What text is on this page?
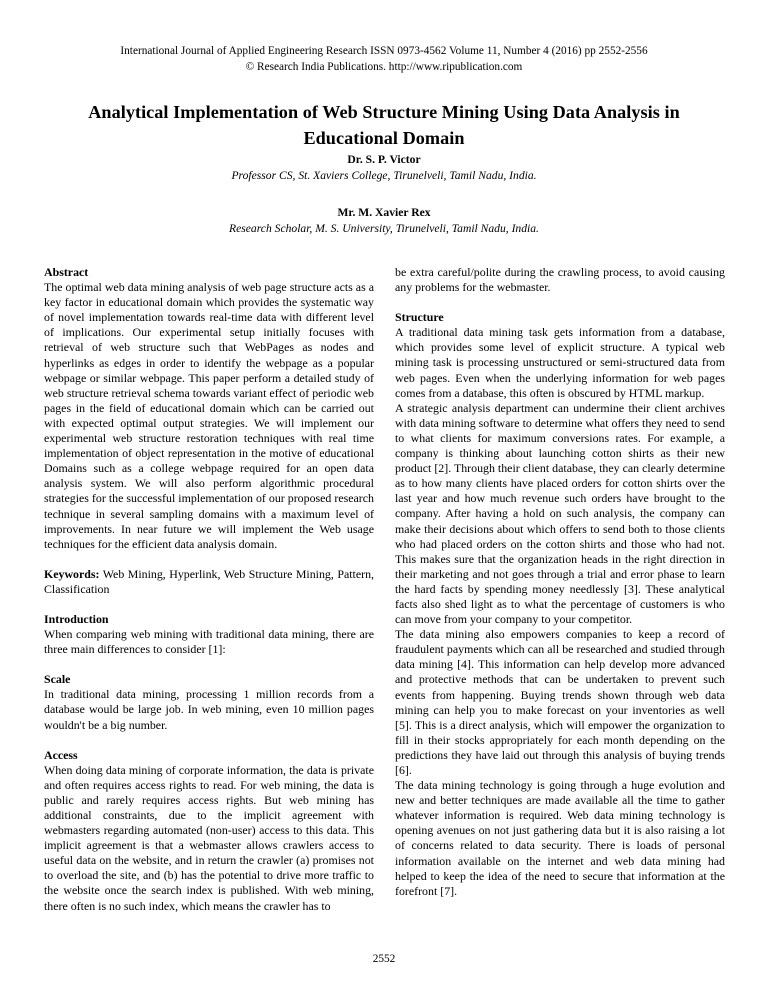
International Journal of Applied Engineering Research ISSN 0973-4562 Volume 11, Number 4 (2016) pp 2552-2556
© Research India Publications. http://www.ripublication.com
Analytical Implementation of Web Structure Mining Using Data Analysis in Educational Domain
Dr. S. P. Victor
Professor CS, St. Xaviers College, Tirunelveli, Tamil Nadu, India.
Mr. M. Xavier Rex
Research Scholar, M. S. University, Tirunelveli, Tamil Nadu, India.
Abstract

The optimal web data mining analysis of web page structure acts as a key factor in educational domain which provides the systematic way of novel implementation towards real-time data with different level of implications. Our experimental setup initially focuses with retrieval of web structure such that WebPages as nodes and hyperlinks as edges in order to identify the webpage as a popular webpage or similar webpage. This paper perform a detailed study of web structure retrieval schema towards variant effect of periodic web pages in the field of educational domain which can be carried out with expected optimal output strategies. We will implement our experimental web structure restoration techniques with real time implementation of object representation in the motive of educational Domains such as a college webpage required for an open data analysis system. We will also perform algorithmic procedural strategies for the successful implementation of our proposed research technique in several sampling domains with a maximum level of improvements. In near future we will implement the Web usage techniques for the efficient data analysis domain.

Keywords: Web Mining, Hyperlink, Web Structure Mining, Pattern, Classification

Introduction

When comparing web mining with traditional data mining, there are three main differences to consider [1]:

Scale

In traditional data mining, processing 1 million records from a database would be large job. In web mining, even 10 million pages wouldn't be a big number.

Access

When doing data mining of corporate information, the data is private and often requires access rights to read. For web mining, the data is public and rarely requires access rights. But web mining has additional constraints, due to the implicit agreement with webmasters regarding automated (non-user) access to this data. This implicit agreement is that a webmaster allows crawlers access to useful data on the website, and in return the crawler (a) promises not to overload the site, and (b) has the potential to drive more traffic to the website once the search index is published. With web mining, there often is no such index, which means the crawler has to

be extra careful/polite during the crawling process, to avoid causing any problems for the webmaster.

Structure

A traditional data mining task gets information from a database, which provides some level of explicit structure. A typical web mining task is processing unstructured or semi-structured data from web pages. Even when the underlying information for web pages comes from a database, this often is obscured by HTML markup.

A strategic analysis department can undermine their client archives with data mining software to determine what offers they need to send to what clients for maximum conversions rates. For example, a company is thinking about launching cotton shirts as their new product [2]. Through their client database, they can clearly determine as to how many clients have placed orders for cotton shirts over the last year and how much revenue such orders have brought to the company. After having a hold on such analysis, the company can make their decisions about which offers to send both to those clients who had placed orders on the cotton shirts and those who had not. This makes sure that the organization heads in the right direction in their marketing and not goes through a trial and error phase to learn the hard facts by spending money needlessly [3]. These analytical facts also shed light as to what the percentage of customers is who can move from your company to your competitor.

The data mining also empowers companies to keep a record of fraudulent payments which can all be researched and studied through data mining [4]. This information can help develop more advanced and protective methods that can be undertaken to prevent such events from happening. Buying trends shown through web data mining can help you to make forecast on your inventories as well [5]. This is a direct analysis, which will empower the organization to fill in their stocks appropriately for each month depending on the predictions they have laid out through this analysis of buying trends [6].

The data mining technology is going through a huge evolution and new and better techniques are made available all the time to gather whatever information is required. Web data mining technology is opening avenues on not just gathering data but it is also raising a lot of concerns related to data security. There is loads of personal information available on the internet and web data mining had helped to keep the idea of the need to secure that information at the forefront [7].

2552
